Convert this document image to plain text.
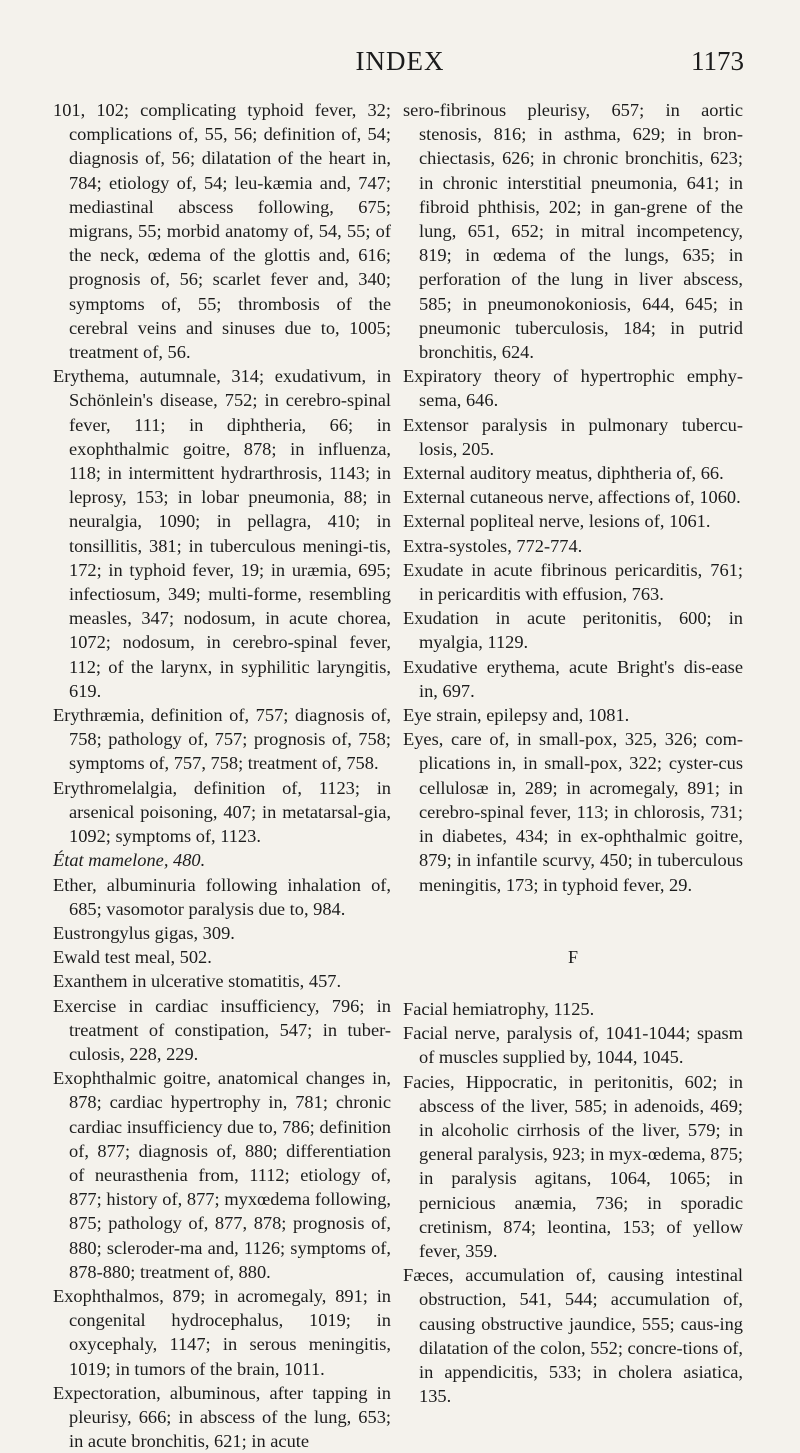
INDEX	1173

101, 102; complicating typhoid fever, 32; complications of, 55, 56; definition of, 54; diagnosis of, 56; dilatation of the heart in, 784; etiology of, 54; leu-kæmia and, 747; mediastinal abscess following, 675; migrans, 55; morbid anatomy of, 54, 55; of the neck, œdema of the glottis and, 616; prognosis of, 56; scarlet fever and, 340; symptoms of, 55; thrombosis of the cerebral veins and sinuses due to, 1005; treatment of, 56.

Erythema, autumnale, 314; exudativum, in Schönlein's disease, 752; in cerebro-spinal fever, 111; in diphtheria, 66; in exophthalmic goitre, 878; in influenza, 118; in intermittent hydrarthrosis, 1143; in leprosy, 153; in lobar pneumonia, 88; in neuralgia, 1090; in pellagra, 410; in tonsillitis, 381; in tuberculous meningi-tis, 172; in typhoid fever, 19; in uræmia, 695; infectiosum, 349; multi-forme, resembling measles, 347; nodosum, in acute chorea, 1072; nodosum, in cerebro-spinal fever, 112; of the larynx, in syphilitic laryngitis, 619.

Erythræmia, definition of, 757; diagnosis of, 758; pathology of, 757; prognosis of, 758; symptoms of, 757, 758; treatment of, 758.

Erythromelalgia, definition of, 1123; in arsenical poisoning, 407; in metatarsal-gia, 1092; symptoms of, 1123.

État mamelone, 480.

Ether, albuminuria following inhalation of, 685; vasomotor paralysis due to, 984.

Eustrongylus gigas, 309.

Ewald test meal, 502.

Exanthem in ulcerative stomatitis, 457.

Exercise in cardiac insufficiency, 796; in treatment of constipation, 547; in tuber-culosis, 228, 229.

Exophthalmic goitre, anatomical changes in, 878; cardiac hypertrophy in, 781; chronic cardiac insufficiency due to, 786; definition of, 877; diagnosis of, 880; differentiation of neurasthenia from, 1112; etiology of, 877; history of, 877; myxœdema following, 875; pathology of, 877, 878; prognosis of, 880; scleroder-ma and, 1126; symptoms of, 878-880; treatment of, 880.

Exophthalmos, 879; in acromegaly, 891; in congenital hydrocephalus, 1019; in oxycephaly, 1147; in serous meningitis, 1019; in tumors of the brain, 1011.

Expectoration, albuminous, after tapping in pleurisy, 666; in abscess of the lung, 653; in acute bronchitis, 621; in acute

sero-fibrinous pleurisy, 657; in aortic stenosis, 816; in asthma, 629; in bron-chiectasis, 626; in chronic bronchitis, 623; in chronic interstitial pneumonia, 641; in fibroid phthisis, 202; in gan-grene of the lung, 651, 652; in mitral incompetency, 819; in œdema of the lungs, 635; in perforation of the lung in liver abscess, 585; in pneumonokoniosis, 644, 645; in pneumonic tuberculosis, 184; in putrid bronchitis, 624.

Expiratory theory of hypertrophic emphy-sema, 646.

Extensor paralysis in pulmonary tubercu-losis, 205.

External auditory meatus, diphtheria of, 66.

External cutaneous nerve, affections of, 1060.

External popliteal nerve, lesions of, 1061.

Extra-systoles, 772-774.

Exudate in acute fibrinous pericarditis, 761; in pericarditis with effusion, 763.

Exudation in acute peritonitis, 600; in myalgia, 1129.

Exudative erythema, acute Bright's dis-ease in, 697.

Eye strain, epilepsy and, 1081.

Eyes, care of, in small-pox, 325, 326; com-plications in, in small-pox, 322; cyster-cus cellulosæ in, 289; in acromegaly, 891; in cerebro-spinal fever, 113; in chlorosis, 731; in diabetes, 434; in ex-ophthalmic goitre, 879; in infantile scurvy, 450; in tuberculous meningitis, 173; in typhoid fever, 29.

F

Facial hemiatrophy, 1125.

Facial nerve, paralysis of, 1041-1044; spasm of muscles supplied by, 1044, 1045.

Facies, Hippocratic, in peritonitis, 602; in abscess of the liver, 585; in adenoids, 469; in alcoholic cirrhosis of the liver, 579; in general paralysis, 923; in myx-œdema, 875; in paralysis agitans, 1064, 1065; in pernicious anæmia, 736; in sporadic cretinism, 874; leontina, 153; of yellow fever, 359.

Fæces, accumulation of, causing intestinal obstruction, 541, 544; accumulation of, causing obstructive jaundice, 555; caus-ing dilatation of the colon, 552; concre-tions of, in appendicitis, 533; in cholera asiatica, 135.
